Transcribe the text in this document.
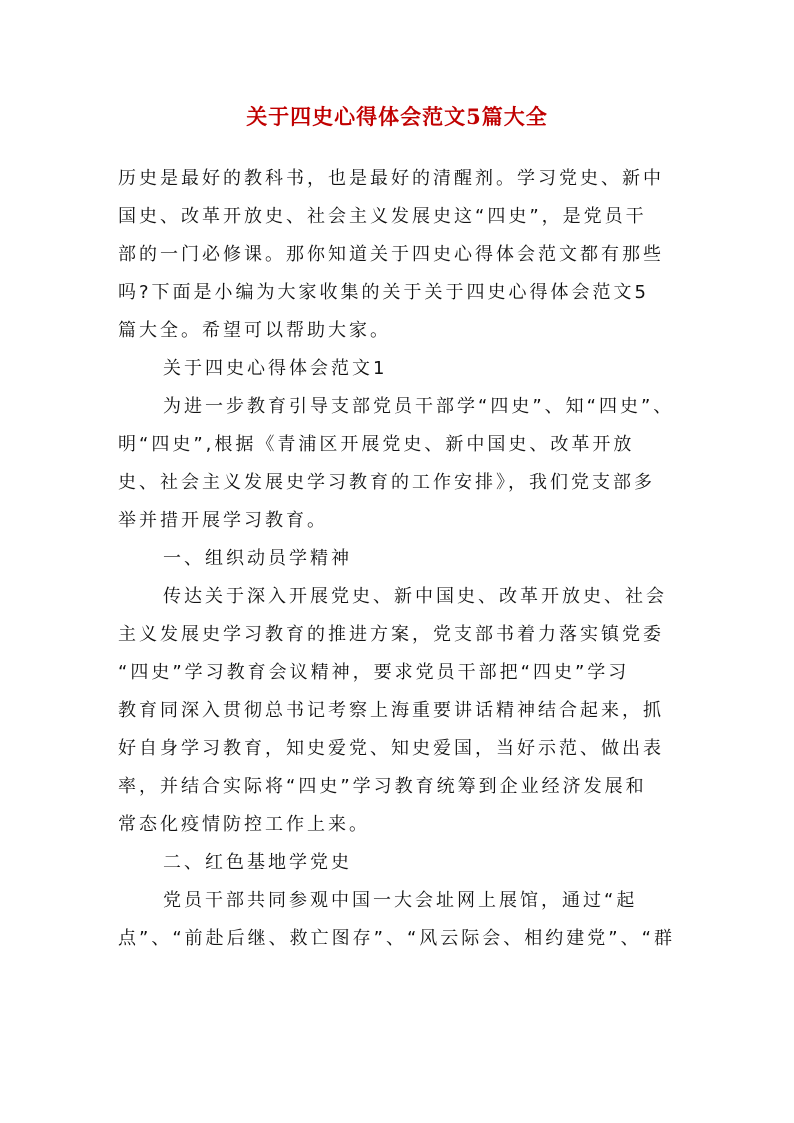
关于四史心得体会范文5篇大全
历史是最好的教科书，也是最好的清醒剂。学习党史、新中
国史、改革开放史、社会主义发展史这“四史”，是党员干
部的一门必修课。那你知道关于四史心得体会范文都有那些
吗?下面是小编为大家收集的关于关于四史心得体会范文5
篇大全。希望可以帮助大家。
关于四史心得体会范文1
为进一步教育引导支部党员干部学“四史”、知“四史”、
明“四史”,根据《青浦区开展党史、新中国史、改革开放
史、社会主义发展史学习教育的工作安排》，我们党支部多
举并措开展学习教育。
一、组织动员学精神
传达关于深入开展党史、新中国史、改革开放史、社会
主义发展史学习教育的推进方案，党支部书着力落实镇党委
“四史”学习教育会议精神，要求党员干部把“四史”学习
教育同深入贯彻总书记考察上海重要讲话精神结合起来，抓
好自身学习教育，知史爱党、知史爱国，当好示范、做出表
率，并结合实际将“四史”学习教育统筹到企业经济发展和
常态化疫情防控工作上来。
二、红色基地学党史
党员干部共同参观中国一大会址网上展馆，通过“起
点”、“前赴后继、救亡图存”、“风云际会、相约建党”、“群
